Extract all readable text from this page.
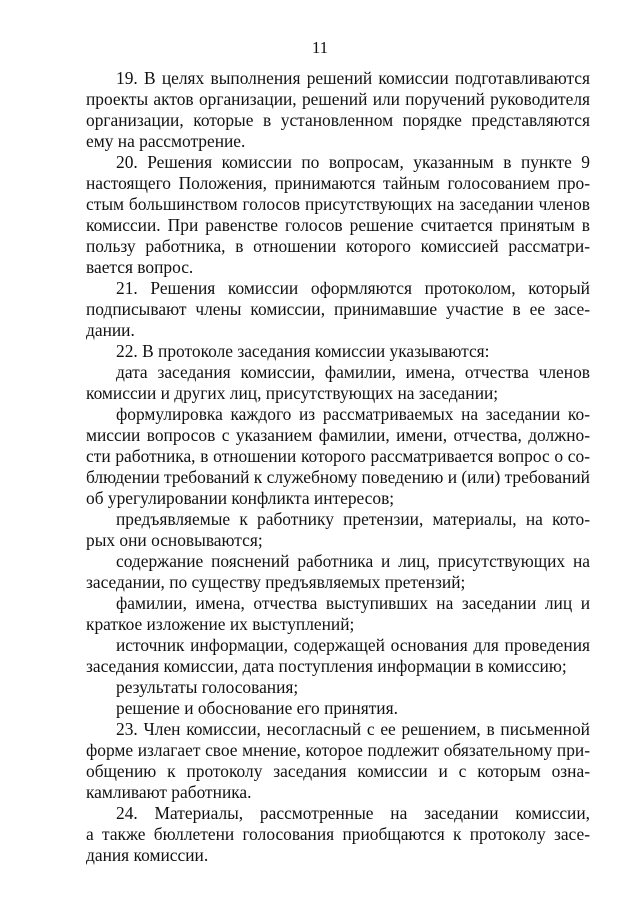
11

19. В целях выполнения решений комиссии подготавливаются
проекты актов организации, решений или поручений руководителя
организации, которые в установленном порядке представляются
ему на рассмотрение.

20. Решения комиссии по вопросам, указанным в пункте 9
настоящего Положения, принимаются тайным голосованием про-
стым большинством голосов присутствующих на заседании членов
комиссии. При равенстве голосов решение считается принятым в
пользу работника, в отношении которого комиссией рассматри-
вается вопрос.

21. Решения комиссии оформляются протоколом, который
подписывают члены комиссии, принимавшие участие в ее засе-
дании.

22. В протоколе заседания комиссии указываются:

дата заседания комиссии, фамилии, имена, отчества членов
комиссии и других лиц, присутствующих на заседании;

формулировка каждого из рассматриваемых на заседании ко-
миссии вопросов с указанием фамилии, имени, отчества, должно-
сти работника, в отношении которого рассматривается вопрос о со-
блюдении требований к служебному поведению и (или) требований
об урегулировании конфликта интересов;

предъявляемые к работнику претензии, материалы, на кото-
рых они основываются;

содержание пояснений работника и лиц, присутствующих на
заседании, по существу предъявляемых претензий;

фамилии, имена, отчества выступивших на заседании лиц и
краткое изложение их выступлений;

источник информации, содержащей основания для проведения
заседания комиссии, дата поступления информации в комиссию;

результаты голосования;

решение и обоснование его принятия.

23. Член комиссии, несогласный с ее решением, в письменной
форме излагает свое мнение, которое подлежит обязательному при-
общению к протоколу заседания комиссии и с которым озна-
камливают работника.

24. Материалы, рассмотренные на заседании комиссии,
а также бюллетени голосования приобщаются к протоколу засе-
дания комиссии.
